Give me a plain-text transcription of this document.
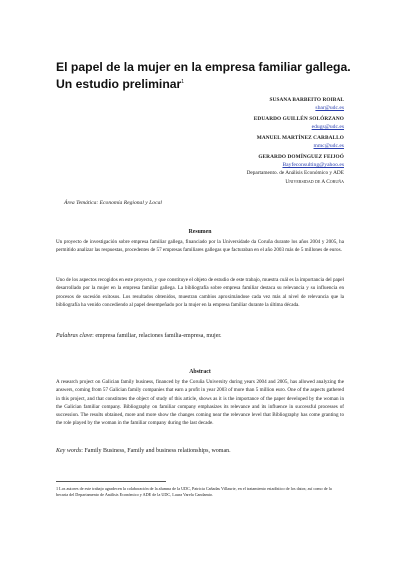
El papel de la mujer en la empresa familiar gallega. Un estudio preliminar$^1$
SUSANA BARBEITO ROIBAL
sbar@udc.es
EDUARDO GUILLÉN SOLÓRZANO
edugs@udc.es
MANUEL MARTÍNEZ CARBALLO
mmc@udc.es
GERARDO DOMÍNGUEZ FEIJOÓ
Bayfeconsulting@yahoo.es
Departamento. de Análisis Económico y ADE
Universidad de A Coruña
Área Temática: Economía Regional y Local
Resumen

Un proyecto de investigación sobre empresa familiar gallega, financiado por la Universidade da Coruña durante los años 2004 y 2005, ha permitido analizar las respuestas, procedentes de 57 empresas familiares gallegas que facturaban en el año 2003 más de 5 millones de euros.

Uno de los aspectos recogidos en este proyecto, y que constituye el objeto de estudio de este trabajo, muestra cuál es la importancia del papel desarrollado por la mujer en la empresa familiar gallega. La bibliografía sobre empresa familiar destaca su relevancia y su influencia en procesos de sucesión exitosos. Los resultados obtenidos, muestran cambios aproximándose cada vez más al nivel de relevancia que la bibliografía ha venido concediendo al papel desempeñado por la mujer en la empresa familiar durante la última década.

Palabras clave: empresa familiar, relaciones familia-empresa, mujer.
Abstract

A research project on Galician family business, financed by the Coruña University during years 2004 and 2005, has allowed analyzing the answers, coming from 57 Galician family companies that earn a profit in year 2003 of more than 5 million euro. One of the aspects gathered in this project, and that constitutes the object of study of this article, shows as it is the importance of the paper developed by the woman in the Galician familiar company. Bibliography on familiar company emphasizes its relevance and its influence in successful processes of succession. The results obtained, more and more show the changes coming near the relevance level that Bibliography has come granting to the role played by the woman in the familiar company during the last decade.

Key words: Family Business, Family and business relationships, woman.
1 Los autores de este trabajo agradecen la colaboración de la alumna de la UDC, Patricia Cañadas Villaurie, en el tratamiento estadístico de los datos; así como de la becaria del Departamento de Análisis Económico y ADE de la UDC, Laura Varela Candamio.
